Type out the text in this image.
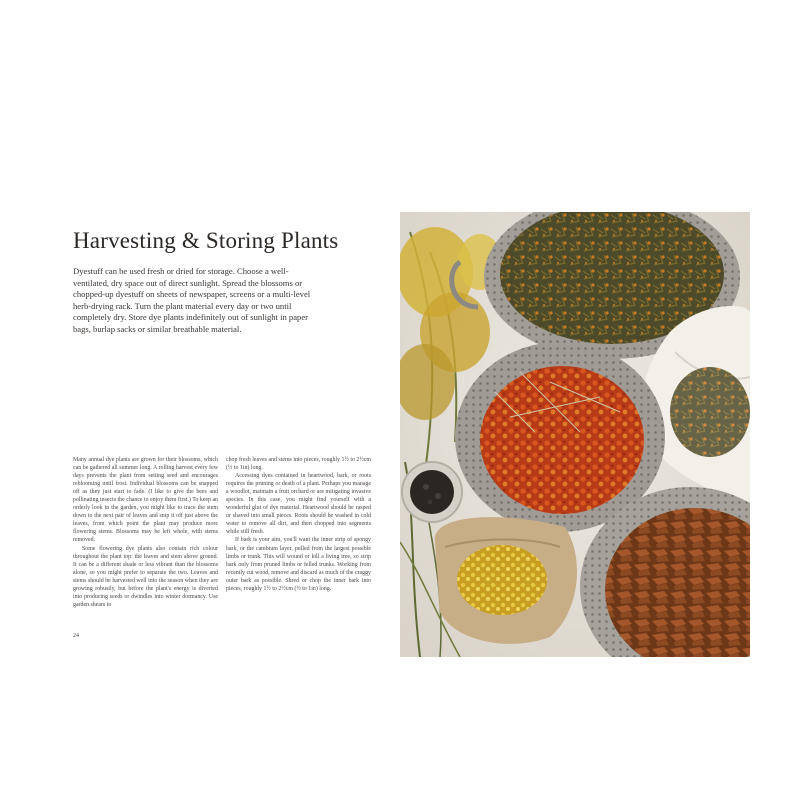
Harvesting & Storing Plants

Dyestuff can be used fresh or dried for storage. Choose a well-ventilated, dry space out of direct sunlight. Spread the blossoms or chopped-up dyestuff on sheets of newspaper, screens or a multi-level herb-drying rack. Turn the plant material every day or two until completely dry. Store dye plants indefinitely out of sunlight in paper bags, burlap sacks or similar breathable material.

Many annual dye plants are grown for their blossoms, which can be gathered all summer long. A rolling harvest every few days prevents the plant from setting seed and encourages reblooming until frost. Individual blossoms can be snapped off as they just start to fade. (I like to give the bees and pollinating insects the chance to enjoy them first.) To keep an orderly look in the garden, you might like to trace the stem down to the next pair of leaves and snip it off just above the leaves, from which point the plant may produce more flowering stems. Blossoms may be left whole, with stems removed.

Some flowering dye plants also contain rich colour throughout the plant top: the leaves and stem above ground. It can be a different shade or less vibrant than the blossoms alone, so you might prefer to separate the two. Leaves and stems should be harvested well into the season when they are growing robustly, but before the plant's energy is diverted into producing seeds or dwindles into winter dormancy. Use garden shears to

chop fresh leaves and stems into pieces, roughly 1½ to 2½cm (½ to 1in) long.

Accessing dyes contained in heartwood, bark, or roots requires the pruning or death of a plant. Perhaps you manage a woodlot, maintain a fruit orchard or are mitigating invasive species. In this case, you might find yourself with a wonderful glut of dye material. Heartwood should be rasped or shaved into small pieces. Roots should be washed in cold water to remove all dirt, and then chopped into segments while still fresh.

If bark is your aim, you'll want the inner strip of spongy bark, or the cambium layer, pulled from the largest possible limbs or trunk. This will wound or kill a living tree, so strip bark only from pruned limbs or felled trunks. Working from recently cut wood, remove and discard as much of the craggy outer bark as possible. Shred or chop the inner bark into pieces, roughly 1½ to 2½cm (½ to 1in) long.

24
